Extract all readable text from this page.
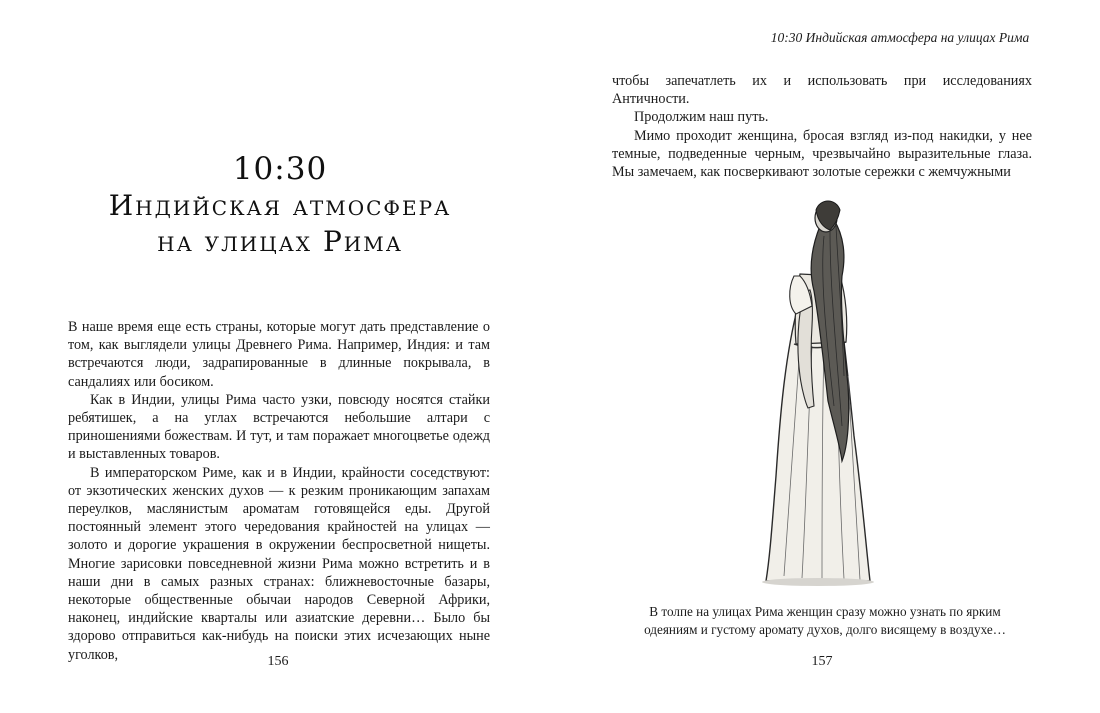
10:30
Индийская атмосфера
на улицах Рима

В наше время еще есть страны, которые могут дать представление о том, как выглядели улицы Древнего Рима. Например, Индия: и там встречаются люди, задрапированные в длинные покрывала, в сандалиях или босиком.

Как в Индии, улицы Рима часто узки, повсюду носятся стайки ребятишек, а на углах встречаются небольшие алтари с приношениями божествам. И тут, и там поражает многоцветье одежд и выставленных товаров.

В императорском Риме, как и в Индии, крайности соседствуют: от экзотических женских духов — к резким проникающим запахам переулков, маслянистым ароматам готовящейся еды. Другой постоянный элемент этого чередования крайностей на улицах — золото и дорогие украшения в окружении беспросветной нищеты. Многие зарисовки повседневной жизни Рима можно встретить и в наши дни в самых разных странах: ближневосточные базары, некоторые общественные обычаи народов Северной Африки, наконец, индийские кварталы или азиатские деревни… Было бы здорово отправиться как-нибудь на поиски этих исчезающих ныне уголков,	156
10:30 Индийская атмосфера на улицах Рима

чтобы запечатлеть их и использовать при исследованиях Античности.

Продолжим наш путь.

Мимо проходит женщина, бросая взгляд из-под накидки, у нее темные, подведенные черным, чрезвычайно выразительные глаза. Мы замечаем, как посверкивают золотые сережки с жемчужными

В толпе на улицах Рима женщин сразу можно узнать по ярким
одеяниям и густому аромату духов, долго висящему в воздухе…
157
